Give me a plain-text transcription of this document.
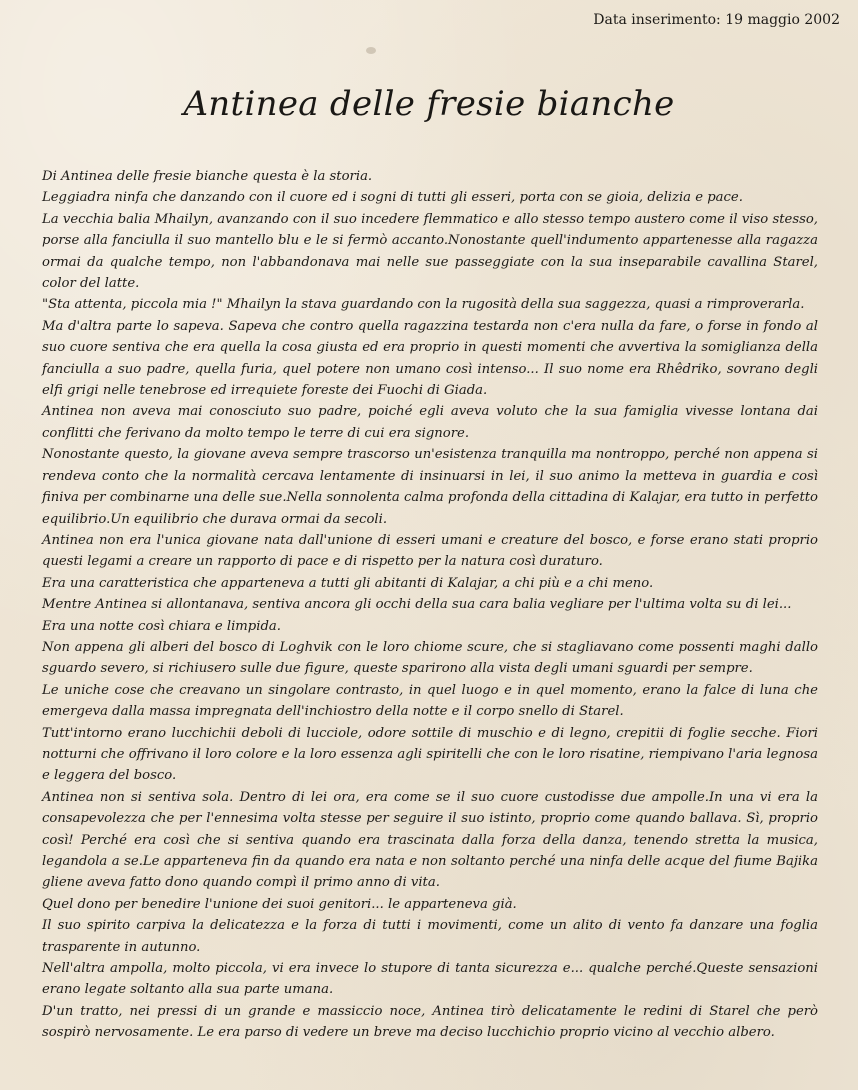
Data inserimento: 19 maggio 2002
Antinea delle fresie bianche

Di Antinea delle fresie bianche questa è la storia.

Leggiadra ninfa che danzando con il cuore ed i sogni di tutti gli esseri, porta con se gioia, delizia e pace.

La vecchia balia Mhailyn, avanzando con il suo incedere flemmatico e allo stesso tempo austero come il viso stesso, porse alla fanciulla il suo mantello blu e le si fermò accanto.Nonostante quell'indumento appartenesse alla ragazza ormai da qualche tempo, non l'abbandonava mai nelle sue passeggiate con la sua inseparabile cavallina Starel, color del latte.

"Sta attenta, piccola mia !" Mhailyn la stava guardando con la rugosità della sua saggezza, quasi a rimproverarla.

Ma d'altra parte lo sapeva. Sapeva che contro quella ragazzina testarda non c'era nulla da fare, o forse in fondo al suo cuore sentiva che era quella la cosa giusta ed era proprio in questi momenti che avvertiva la somiglianza della fanciulla a suo padre, quella furia, quel potere non umano così intenso... Il suo nome era Rhêdriko, sovrano degli elfi grigi nelle tenebrose ed irrequiete foreste dei Fuochi di Giada.

Antinea non aveva mai conosciuto suo padre, poiché egli aveva voluto che la sua famiglia vivesse lontana dai conflitti che ferivano da molto tempo le terre di cui era signore.

Nonostante questo, la giovane aveva sempre trascorso un'esistenza tranquilla ma nontroppo, perché non appena si rendeva conto che la normalità cercava lentamente di insinuarsi in lei, il suo animo la metteva in guardia e così finiva per combinarne una delle sue.Nella sonnolenta calma profonda della cittadina di Kalajar, era tutto in perfetto equilibrio.Un equilibrio che durava ormai da secoli.

Antinea non era l'unica giovane nata dall'unione di esseri umani e creature del bosco, e forse erano stati proprio questi legami a creare un rapporto di pace e di rispetto per la natura così duraturo.

Era una caratteristica che apparteneva a tutti gli abitanti di Kalajar, a chi più e a chi meno.

Mentre Antinea si allontanava, sentiva ancora gli occhi della sua cara balia vegliare per l'ultima volta su di lei...

Era una notte così chiara e limpida.

Non appena gli alberi del bosco di Loghvik con le loro chiome scure, che si stagliavano come possenti maghi dallo sguardo severo, si richiusero sulle due figure, queste sparirono alla vista degli umani sguardi per sempre.

Le uniche cose che creavano un singolare contrasto, in quel luogo e in quel momento, erano la falce di luna che emergeva dalla massa impregnata dell'inchiostro della notte e il corpo snello di Starel.

Tutt'intorno erano lucchichii deboli di lucciole, odore sottile di muschio e di legno, crepitii di foglie secche. Fiori notturni che offrivano il loro colore e la loro essenza agli spiritelli che con le loro risatine, riempivano l'aria legnosa e leggera del bosco.

Antinea non si sentiva sola. Dentro di lei ora, era come se il suo cuore custodisse due ampolle.In una vi era la consapevolezza che per l'ennesima volta stesse per seguire il suo istinto, proprio come quando ballava. Sì, proprio così! Perché era così che si sentiva quando era trascinata dalla forza della danza, tenendo stretta la musica, legandola a se.Le apparteneva fin da quando era nata e non soltanto perché una ninfa delle acque del fiume Bajika gliene aveva fatto dono quando compì il primo anno di vita.

Quel dono per benedire l'unione dei suoi genitori... le apparteneva già.

Il suo spirito carpiva la delicatezza e la forza di tutti i movimenti, come un alito di vento fa danzare una foglia trasparente in autunno.

Nell'altra ampolla, molto piccola, vi era invece lo stupore di tanta sicurezza e... qualche perché.Queste sensazioni erano legate soltanto alla sua parte umana.

D'un tratto, nei pressi di un grande e massiccio noce, Antinea tirò delicatamente le redini di Starel che però sospirò nervosamente. Le era parso di vedere un breve ma deciso lucchichio proprio vicino al vecchio albero.
